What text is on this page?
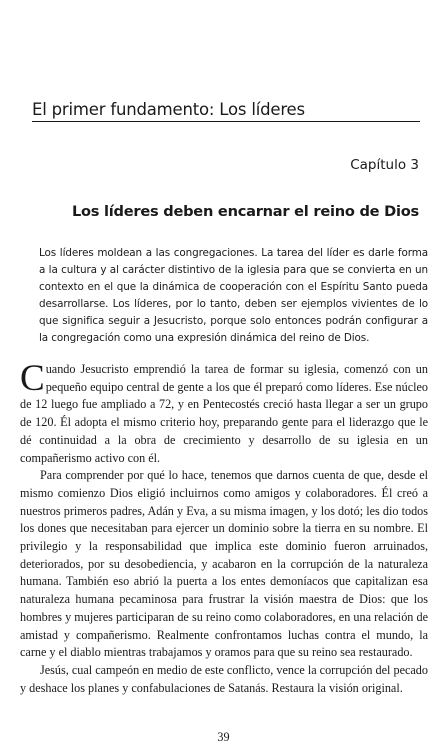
El primer fundamento: Los líderes
Capítulo 3
Los líderes deben encarnar el reino de Dios

Los líderes moldean a las congregaciones. La tarea del líder es darle forma a la cultura y al carácter distintivo de la iglesia para que se convierta en un contexto en el que la dinámica de cooperación con el Espíritu Santo pueda desarrollarse. Los líderes, por lo tanto, deben ser ejemplos vivientes de lo que significa seguir a Jesucristo, porque solo entonces podrán configurar a la congregación como una expresión dinámica del reino de Dios.

Cuando Jesucristo emprendió la tarea de formar su iglesia, comenzó con un pequeño equipo central de gente a los que él preparó como líderes. Ese núcleo de 12 luego fue ampliado a 72, y en Pentecostés creció hasta llegar a ser un grupo de 120. Él adopta el mismo criterio hoy, preparando gente para el liderazgo que le dé continuidad a la obra de crecimiento y desarrollo de su iglesia en un compañerismo activo con él.

Para comprender por qué lo hace, tenemos que darnos cuenta de que, desde el mismo comienzo Dios eligió incluirnos como amigos y colaboradores. Él creó a nuestros primeros padres, Adán y Eva, a su misma imagen, y los dotó; les dio todos los dones que necesitaban para ejercer un dominio sobre la tierra en su nombre. El privilegio y la responsabilidad que implica este dominio fueron arruinados, deteriorados, por su desobediencia, y acabaron en la corrupción de la naturaleza humana. También eso abrió la puerta a los entes demoníacos que capitalizan esa naturaleza humana pecaminosa para frustrar la visión maestra de Dios: que los hombres y mujeres participaran de su reino como colaboradores, en una relación de amistad y compañerismo. Realmente confrontamos luchas contra el mundo, la carne y el diablo mientras trabajamos y oramos para que su reino sea restaurado.

Jesús, cual campeón en medio de este conflicto, vence la corrupción del pecado y deshace los planes y confabulaciones de Satanás. Restaura la visión original.

39
